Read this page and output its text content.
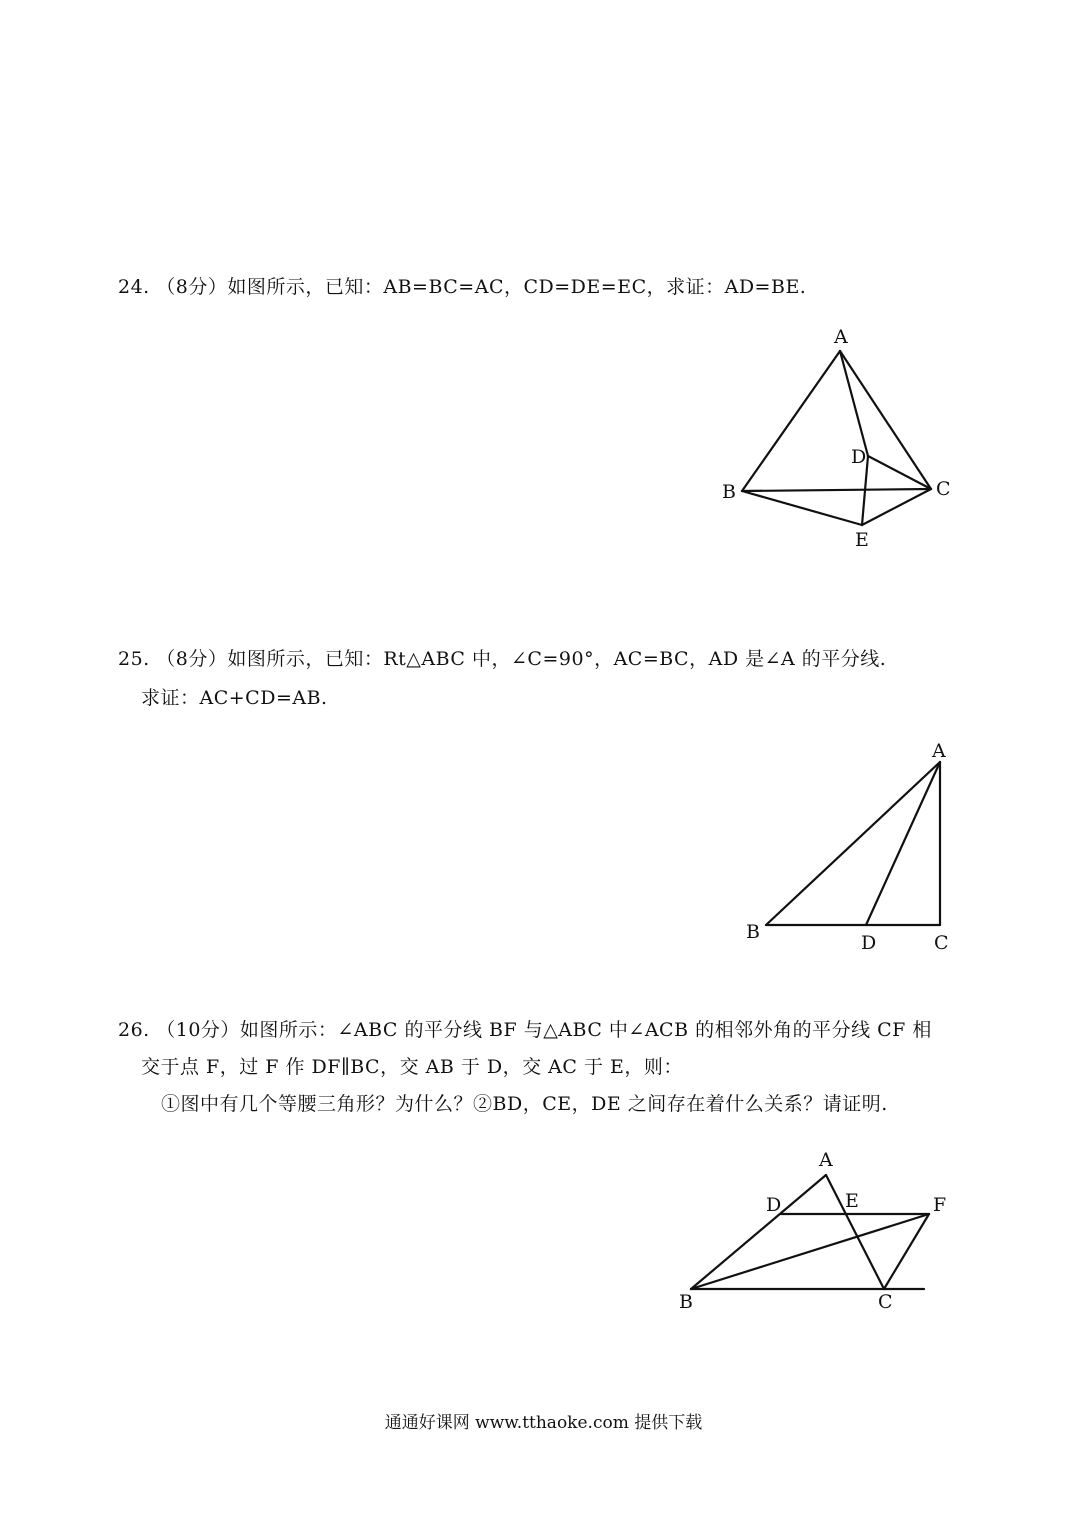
24. （8分）如图所示，已知：AB=BC=AC，CD=DE=EC，求证：AD=BE.
A
B	C
D
E
25. （8分）如图所示，已知：Rt△ABC 中，∠C=90°，AC=BC，AD 是∠A 的平分线.
求证：AC+CD=AB.
A
B	D	C
26. （10分）如图所示：∠ABC 的平分线 BF 与△ABC 中∠ACB 的相邻外角的平分线 CF 相
交于点 F，过 F 作 DF∥BC，交 AB 于 D，交 AC 于 E，则：
①图中有几个等腰三角形？为什么？②BD，CE，DE 之间存在着什么关系？请证明.
A
D	E	F
B	C
通通好课网 www.tthaoke.com 提供下载
